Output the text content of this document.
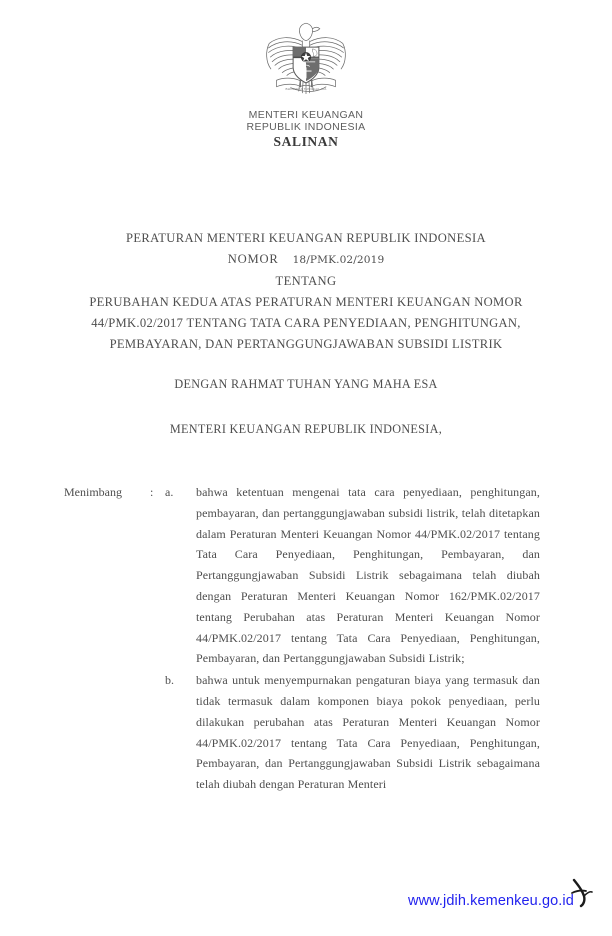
BHINNEKA TUNGGAL IKA
MENTERI KEUANGAN
REPUBLIK INDONESIA
SALINAN
PERATURAN MENTERI KEUANGAN REPUBLIK INDONESIA
NOMOR 18/PMK.02/2019
TENTANG
PERUBAHAN KEDUA ATAS PERATURAN MENTERI KEUANGAN NOMOR
44/PMK.02/2017 TENTANG TATA CARA PENYEDIAAN, PENGHITUNGAN,
PEMBAYARAN, DAN PERTANGGUNGJAWABAN SUBSIDI LISTRIK
DENGAN RAHMAT TUHAN YANG MAHA ESA
MENTERI KEUANGAN REPUBLIK INDONESIA,
Menimbang	: a. bahwa ketentuan mengenai tata cara penyediaan, penghitungan, pembayaran, dan pertanggungjawaban subsidi listrik, telah ditetapkan dalam Peraturan Menteri Keuangan Nomor 44/PMK.02/2017 tentang Tata Cara Penyediaan, Penghitungan, Pembayaran, dan Pertanggungjawaban Subsidi Listrik sebagaimana telah diubah dengan Peraturan Menteri Keuangan Nomor 162/PMK.02/2017 tentang Perubahan atas Peraturan Menteri Keuangan Nomor 44/PMK.02/2017 tentang Tata Cara Penyediaan, Penghitungan, Pembayaran, dan Pertanggungjawaban Subsidi Listrik;
b. bahwa untuk menyempurnakan pengaturan biaya yang termasuk dan tidak termasuk dalam komponen biaya pokok penyediaan, perlu dilakukan perubahan atas Peraturan Menteri Keuangan Nomor 44/PMK.02/2017 tentang Tata Cara Penyediaan, Penghitungan, Pembayaran, dan Pertanggungjawaban Subsidi Listrik sebagaimana telah diubah dengan Peraturan Menteri
www.jdih.kemenkeu.go.id
